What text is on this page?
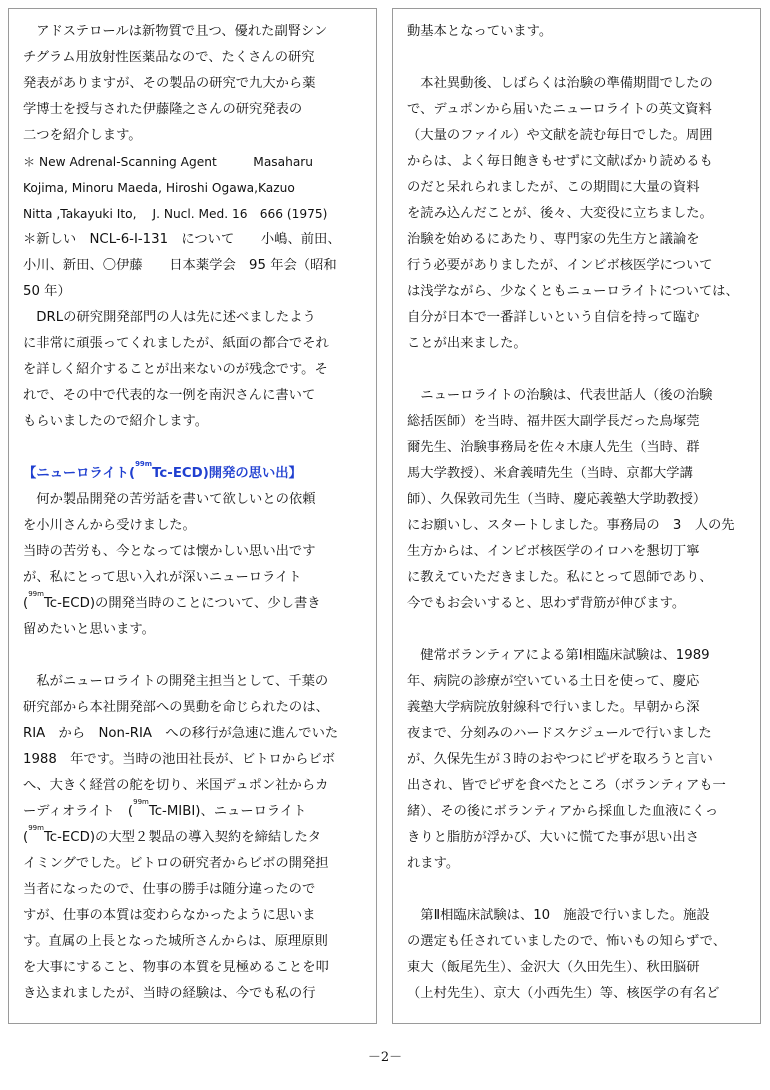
　アドステロールは新物質で且つ、優れた副腎シン
チグラム用放射性医薬品なので、たくさんの研究
発表がありますが、その製品の研究で九大から薬
学博士を授与された伊藤隆之さんの研究発表の
二つを紹介します。
＊ New Adrenal-Scanning Agent　　　Masaharu
Kojima, Minoru Maeda, Hiroshi Ogawa,Kazuo
Nitta ,Takayuki Ito,　 J. Nucl. Med. 16　666 (1975)
＊新しい　NCL-6-I-131　について　　小嶋、前田、
小川、新田、〇伊藤　　日本薬学会　95 年会（昭和
50 年）
　DRLの研究開発部門の人は先に述べましたよう
に非常に頑張ってくれましたが、紙面の都合でそれ
を詳しく紹介することが出来ないのが残念です。そ
れで、その中で代表的な一例を南沢さんに書いて
もらいましたので紹介します。
【ニューロライト($^{99m}$Tc-ECD)開発の思い出】
　何か製品開発の苦労話を書いて欲しいとの依頼
を小川さんから受けました。
当時の苦労も、今となっては懐かしい思い出です
が、私にとって思い入れが深いニューロライト
($^{99m}$Tc-ECD)の開発当時のことについて、少し書き
留めたいと思います。
　私がニューロライトの開発主担当として、千葉の
研究部から本社開発部への異動を命じられたのは、
RIA　から　Non-RIA　への移行が急速に進んでいた
1988　年です。当時の池田社長が、ビトロからビボ
へ、大きく経営の舵を切り、米国デュポン社からカ
ーディオライト　($^{99m}$Tc-MIBI)、ニューロライト
($^{99m}$Tc-ECD)の大型２製品の導入契約を締結したタ
イミングでした。ビトロの研究者からビボの開発担
当者になったので、仕事の勝手は随分違ったので
すが、仕事の本質は変わらなかったように思いま
す。直属の上長となった城所さんからは、原理原則
を大事にすること、物事の本質を見極めることを叩
き込まれましたが、当時の経験は、今でも私の行
動基本となっています。
　本社異動後、しばらくは治験の準備期間でしたの
で、デュポンから届いたニューロライトの英文資料
（大量のファイル）や文献を読む毎日でした。周囲
からは、よく毎日飽きもせずに文献ばかり読めるも
のだと呆れられましたが、この期間に大量の資料
を読み込んだことが、後々、大変役に立ちました。
治験を始めるにあたり、専門家の先生方と議論を
行う必要がありましたが、インビボ核医学について
は浅学ながら、少なくともニューロライトについては、
自分が日本で一番詳しいという自信を持って臨む
ことが出来ました。
　ニューロライトの治験は、代表世話人（後の治験
総括医師）を当時、福井医大副学長だった鳥塚莞
爾先生、治験事務局を佐々木康人先生（当時、群
馬大学教授）、米倉義晴先生（当時、京都大学講
師）、久保敦司先生（当時、慶応義塾大学助教授）
にお願いし、スタートしました。事務局の　3　人の先
生方からは、インビボ核医学のイロハを懇切丁寧
に教えていただきました。私にとって恩師であり、
今でもお会いすると、思わず背筋が伸びます。
　健常ボランティアによる第Ⅰ相臨床試験は、1989
年、病院の診療が空いている土日を使って、慶応
義塾大学病院放射線科で行いました。早朝から深
夜まで、分刻みのハードスケジュールで行いました
が、久保先生が３時のおやつにピザを取ろうと言い
出され、皆でピザを食べたところ（ボランティアも一
緒）、その後にボランティアから採血した血液にくっ
きりと脂肪が浮かび、大いに慌てた事が思い出さ
れます。
　第Ⅱ相臨床試験は、10　施設で行いました。施設
の選定も任されていましたので、怖いもの知らずで、
東大（飯尾先生）、金沢大（久田先生）、秋田脳研
（上村先生）、京大（小西先生）等、核医学の有名ど
－2－
